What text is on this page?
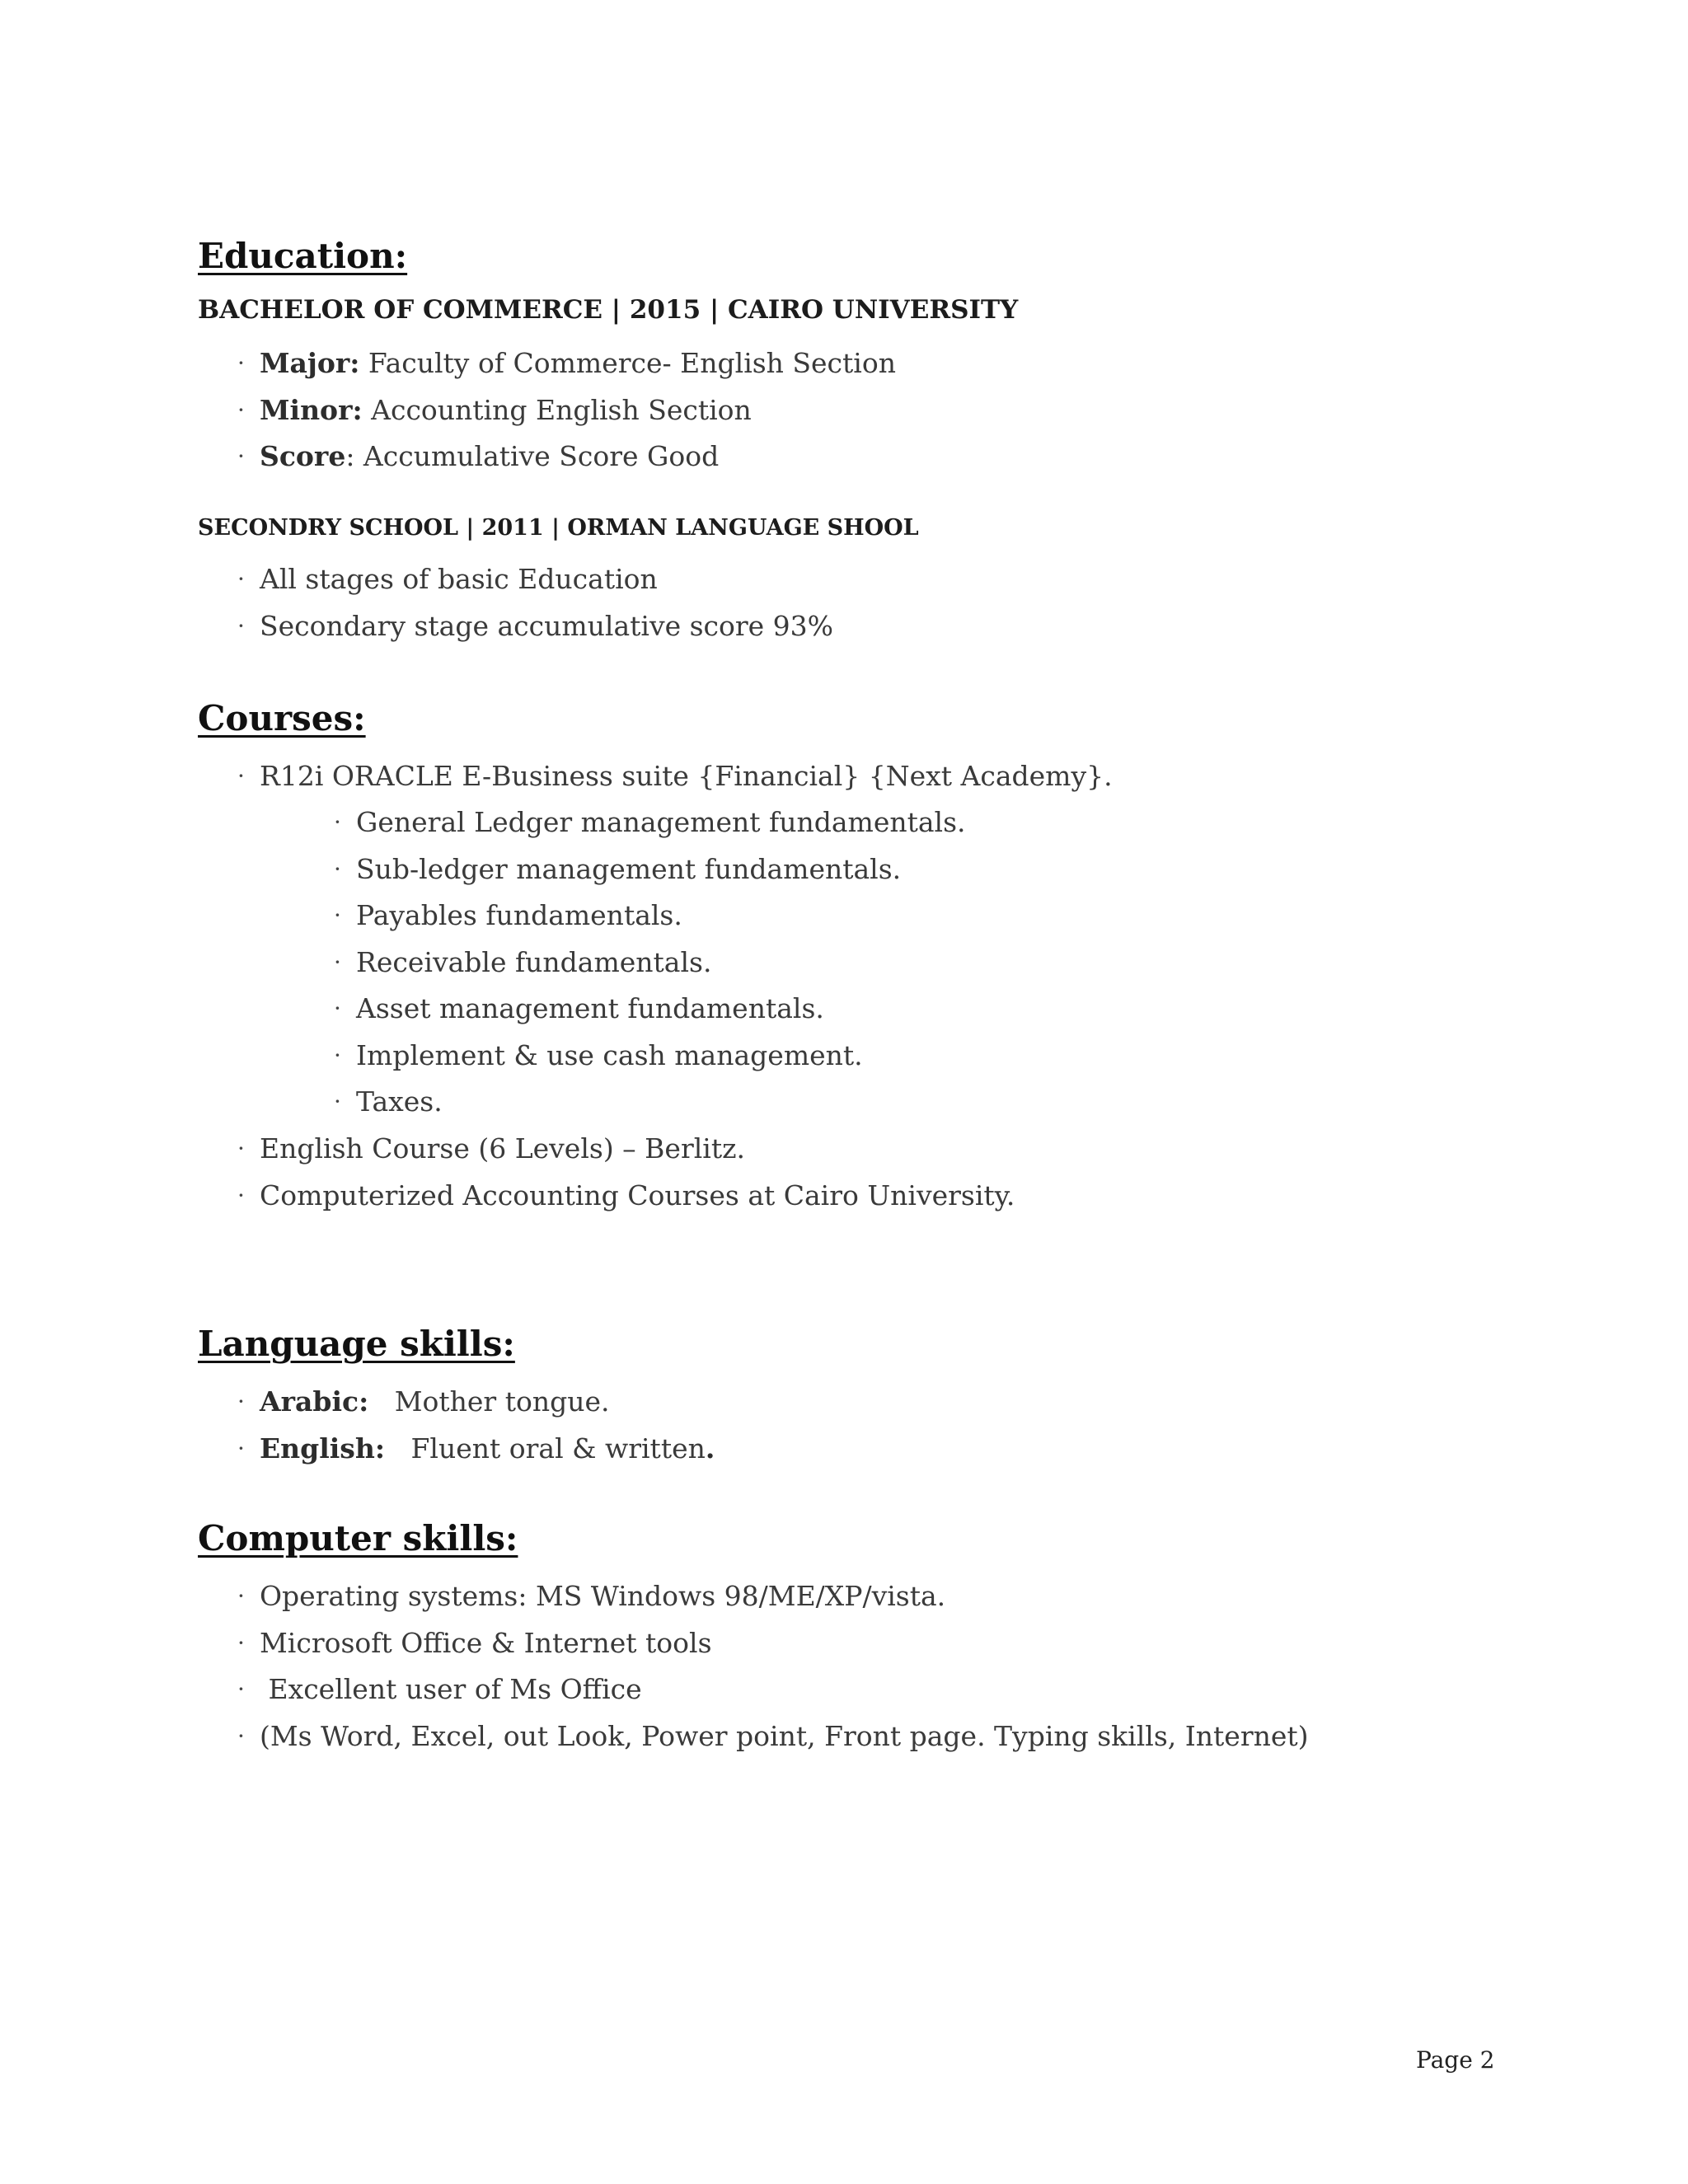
Education:
BACHELOR OF COMMERCE | 2015 | CAIRO UNIVERSITY
· Major: Faculty of Commerce- English Section
· Minor: Accounting English Section
· Score: Accumulative Score Good
SECONDRY SCHOOL | 2011 | ORMAN LANGUAGE SHOOL
· All stages of basic Education
· Secondary stage accumulative score 93%
Courses:
· R12i ORACLE E-Business suite {Financial} {Next Academy}.
· General Ledger management fundamentals.
· Sub-ledger management fundamentals.
· Payables fundamentals.
· Receivable fundamentals.
· Asset management fundamentals.
· Implement & use cash management.
· Taxes.
· English Course (6 Levels) – Berlitz.
· Computerized Accounting Courses at Cairo University.
Language skills:
· Arabic:   Mother tongue.
· English:   Fluent oral & written.
Computer skills:
· Operating systems: MS Windows 98/ME/XP/vista.
· Microsoft Office & Internet tools
· Excellent user of Ms Office
· (Ms Word, Excel, out Look, Power point, Front page. Typing skills, Internet)
Page 2
